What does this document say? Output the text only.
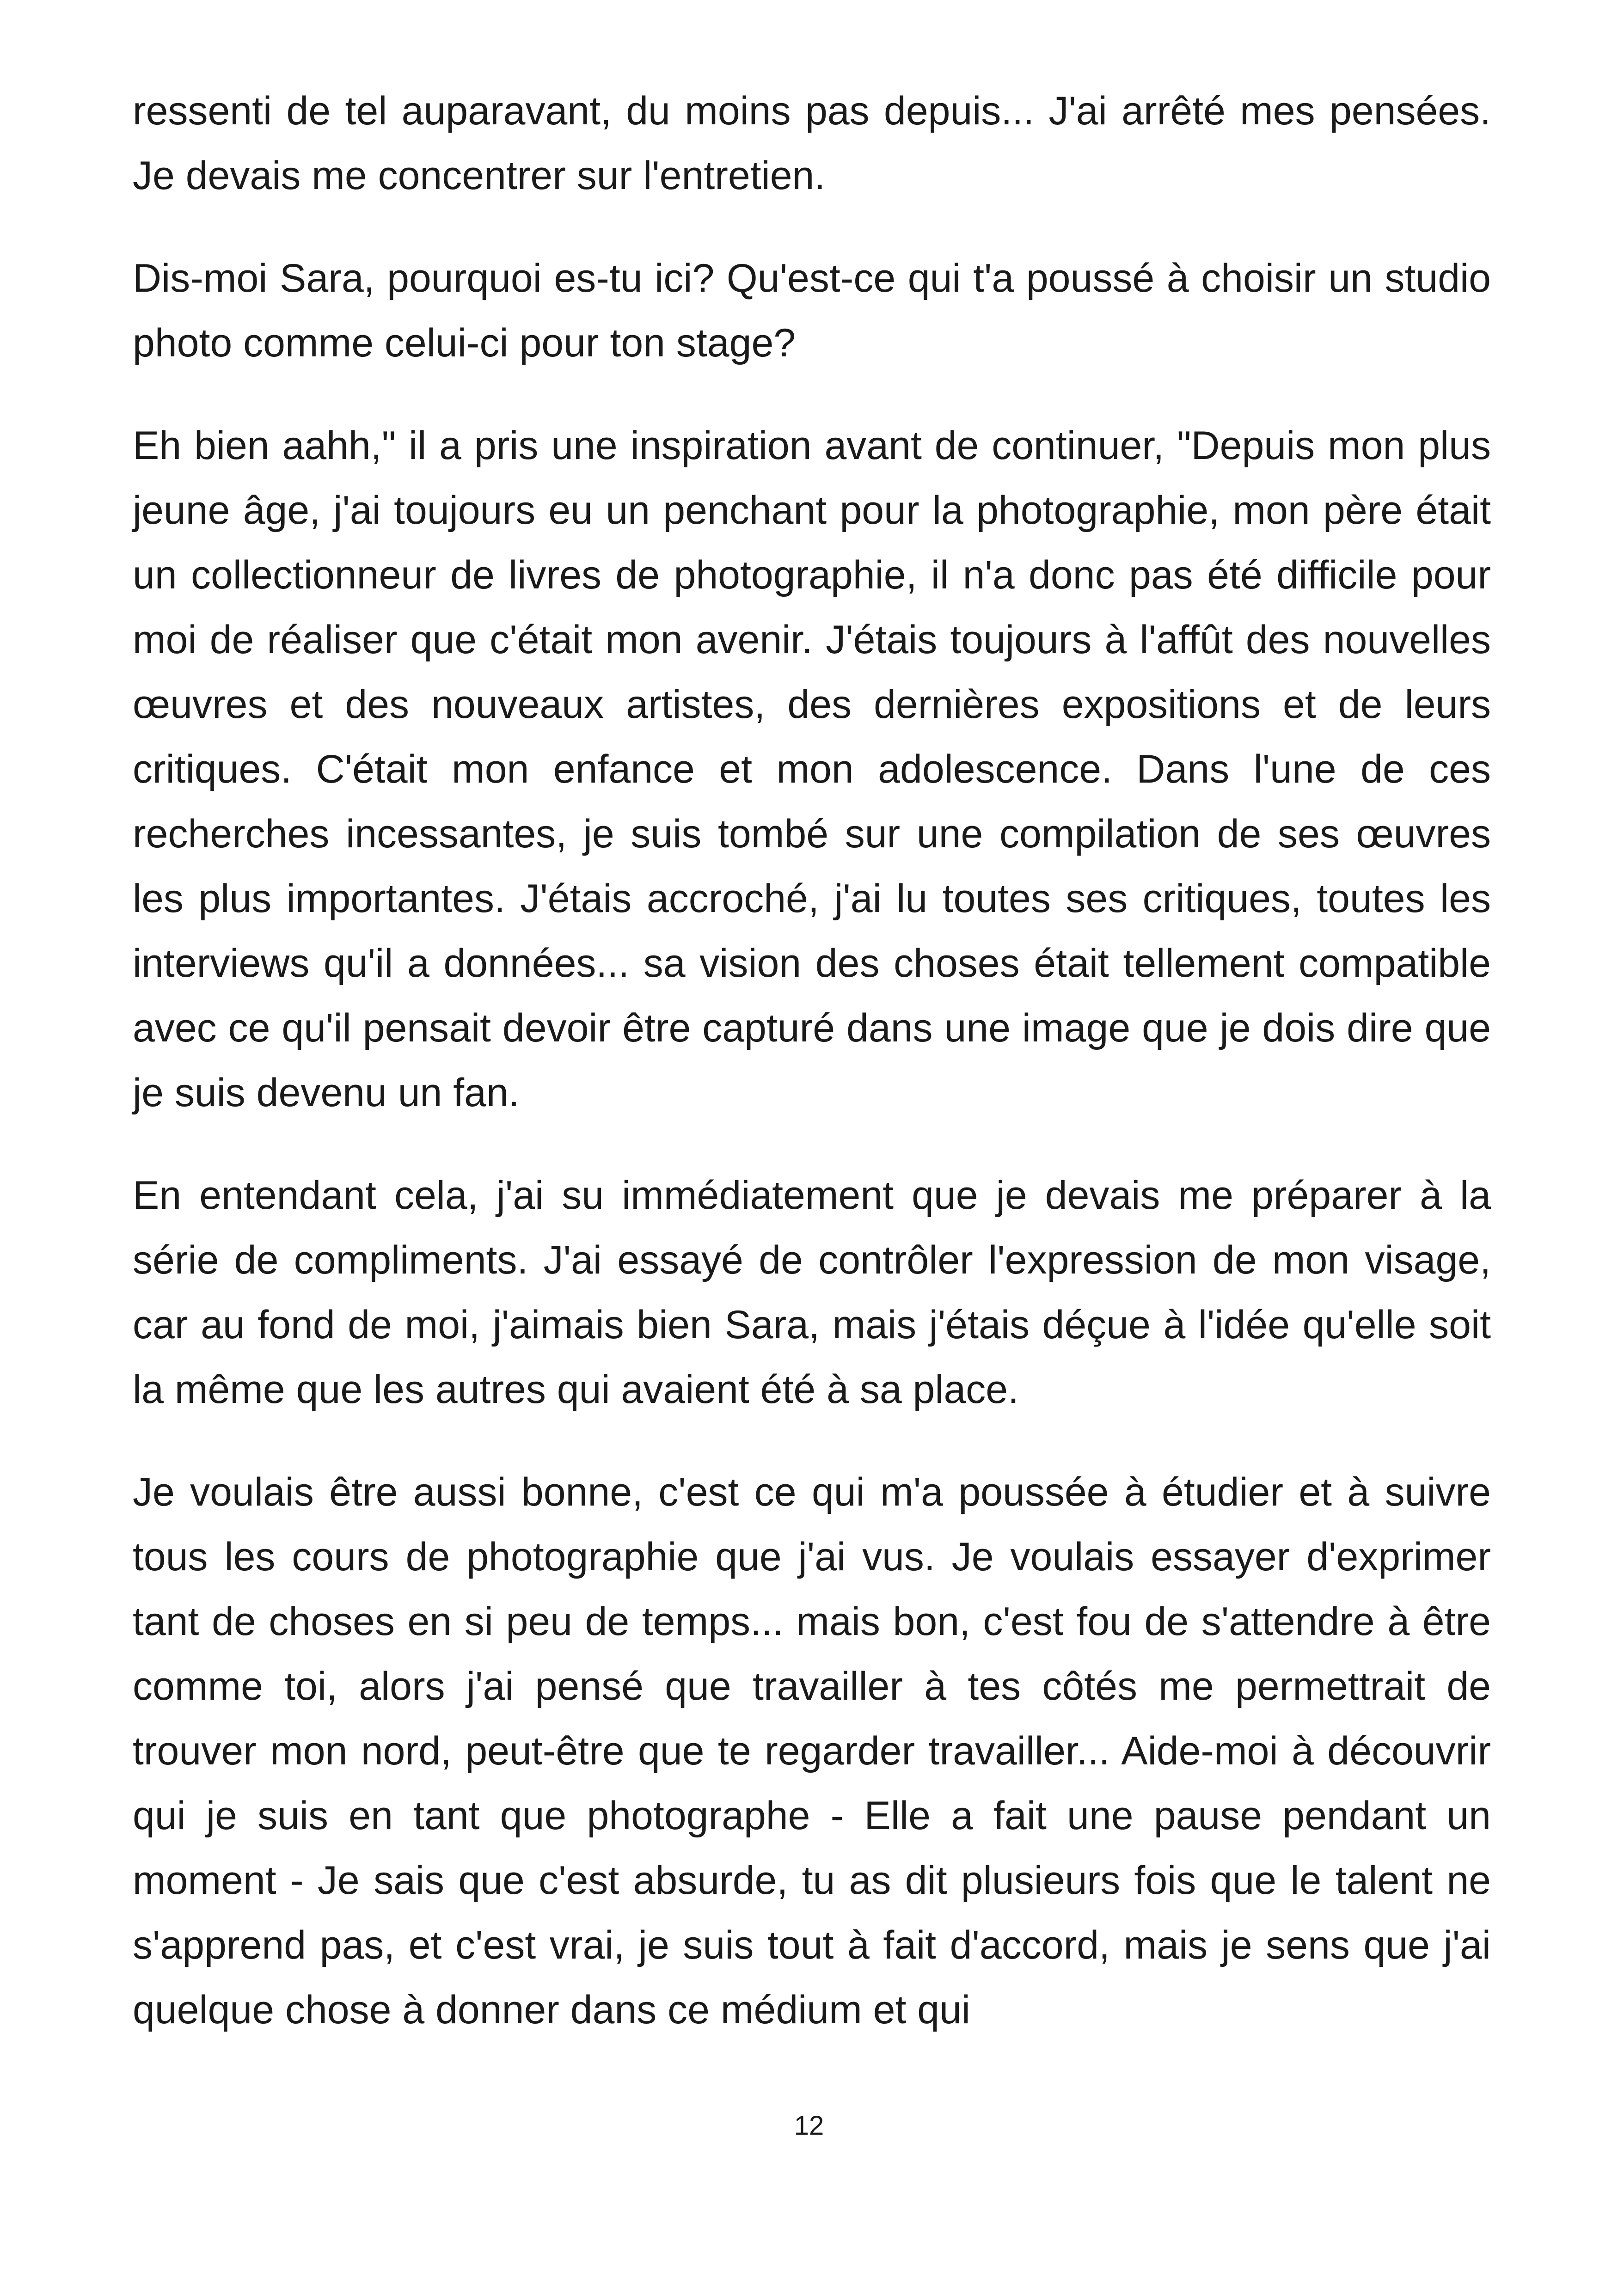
ressenti de tel auparavant, du moins pas depuis... J'ai arrêté mes pensées. Je devais me concentrer sur l'entretien.

Dis-moi Sara, pourquoi es-tu ici? Qu'est-ce qui t'a poussé à choisir un studio photo comme celui-ci pour ton stage?

Eh bien aahh," il a pris une inspiration avant de continuer, "Depuis mon plus jeune âge, j'ai toujours eu un penchant pour la photographie, mon père était un collectionneur de livres de photographie, il n'a donc pas été difficile pour moi de réaliser que c'était mon avenir. J'étais toujours à l'affût des nouvelles œuvres et des nouveaux artistes, des dernières expositions et de leurs critiques. C'était mon enfance et mon adolescence. Dans l'une de ces recherches incessantes, je suis tombé sur une compilation de ses œuvres les plus importantes. J'étais accroché, j'ai lu toutes ses critiques, toutes les interviews qu'il a données... sa vision des choses était tellement compatible avec ce qu'il pensait devoir être capturé dans une image que je dois dire que je suis devenu un fan.

En entendant cela, j'ai su immédiatement que je devais me préparer à la série de compliments. J'ai essayé de contrôler l'expression de mon visage, car au fond de moi, j'aimais bien Sara, mais j'étais déçue à l'idée qu'elle soit la même que les autres qui avaient été à sa place.

Je voulais être aussi bonne, c'est ce qui m'a poussée à étudier et à suivre tous les cours de photographie que j'ai vus. Je voulais essayer d'exprimer tant de choses en si peu de temps... mais bon, c'est fou de s'attendre à être comme toi, alors j'ai pensé que travailler à tes côtés me permettrait de trouver mon nord, peut-être que te regarder travailler... Aide-moi à découvrir qui je suis en tant que photographe - Elle a fait une pause pendant un moment - Je sais que c'est absurde, tu as dit plusieurs fois que le talent ne s'apprend pas, et c'est vrai, je suis tout à fait d'accord, mais je sens que j'ai quelque chose à donner dans ce médium et qui

12
